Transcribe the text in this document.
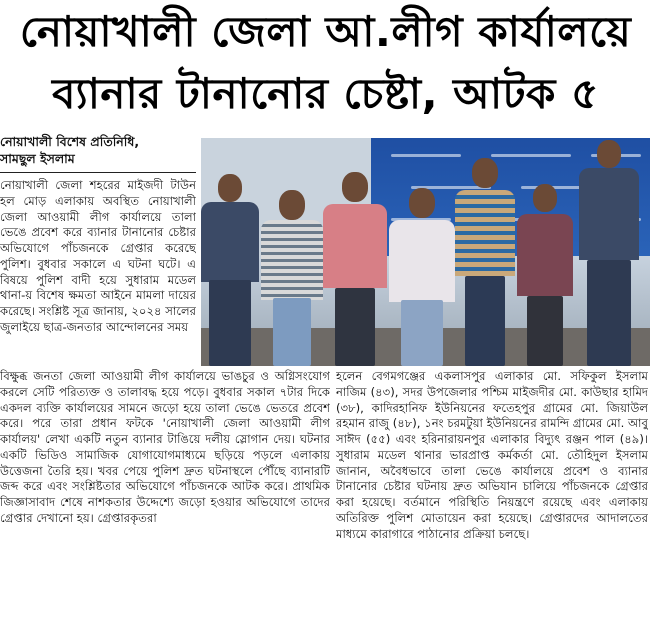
নোয়াখালী জেলা আ.লীগ কার্যালয়ে
ব্যানার টানানোর চেষ্টা, আটক ৫
নোয়াখালী বিশেষ প্রতিনিধি,
সামছুল ইসলাম

নোয়াখালী জেলা শহরের মাইজদী টাউন হল মোড় এলাকায় অবস্থিত নোয়াখালী জেলা আওয়ামী লীগ কার্যালয়ে তালা ভেঙে প্রবেশ করে ব্যানার টানানোর চেষ্টার অভিযোগে পাঁচজনকে গ্রেপ্তার করেছে পুলিশ। বুধবার সকালে এ ঘটনা ঘটে। এ বিষয়ে পুলিশ বাদী হয়ে সুধারাম মডেল থানা-য় বিশেষ ক্ষমতা আইনে মামলা দায়ের করেছে। সংশ্লিষ্ট সূত্র জানায়, ২০২৪ সালের জুলাইয়ে ছাত্র-জনতার আন্দোলনের সময়

বিক্ষুব্ধ জনতা জেলা আওয়ামী লীগ কার্যালয়ে ভাঙচুর ও অগ্নিসংযোগ করলে সেটি পরিত্যক্ত ও তালাবদ্ধ হয়ে পড়ে। বুধবার সকাল ৭টার দিকে একদল ব্যক্তি কার্যালয়ের সামনে জড়ো হয়ে তালা ভেঙে ভেতরে প্রবেশ করে। পরে তারা প্রধান ফটকে 'নোয়াখালী জেলা আওয়ামী লীগ কার্যালয়' লেখা একটি নতুন ব্যানার টাঙিয়ে দলীয় স্লোগান দেয়। ঘটনার একটি ভিডিও সামাজিক যোগাযোগমাধ্যমে ছড়িয়ে পড়লে এলাকায় উত্তেজনা তৈরি হয়। খবর পেয়ে পুলিশ দ্রুত ঘটনাস্থলে পৌঁছে ব্যানারটি জব্দ করে এবং সংশ্লিষ্টতার অভিযোগে পাঁচজনকে আটক করে। প্রাথমিক জিজ্ঞাসাবাদ শেষে নাশকতার উদ্দেশ্যে জড়ো হওয়ার অভিযোগে তাদের গ্রেপ্তার দেখানো হয়। গ্রেপ্তারকৃতরা

হলেন বেগমগঞ্জের একলাসপুর এলাকার মো. সফিকুল ইসলাম নাজিম (৪৩), সদর উপজেলার পশ্চিম মাইজদীর মো. কাউছার হামিদ (৩৮), কাদিরহানিফ ইউনিয়নের ফতেহপুর গ্রামের মো. জিয়াউল রহমান রাজু (৪৮), ১নং চরমটুয়া ইউনিয়নের রামন্দি গ্রামের মো. আবু সাঈদ (৫৫) এবং হরিনারায়নপুর এলাকার বিদ্যুৎ রঞ্জন পাল (৪৯)। সুধারাম মডেল থানার ভারপ্রাপ্ত কর্মকর্তা মো. তৌহিদুল ইসলাম জানান, অবৈধভাবে তালা ভেঙে কার্যালয়ে প্রবেশ ও ব্যানার টানানোর চেষ্টার ঘটনায় দ্রুত অভিযান চালিয়ে পাঁচজনকে গ্রেপ্তার করা হয়েছে। বর্তমানে পরিস্থিতি নিয়ন্ত্রণে রয়েছে এবং এলাকায় অতিরিক্ত পুলিশ মোতায়েন করা হয়েছে। গ্রেপ্তারদের আদালতের মাধ্যমে কারাগারে পাঠানোর প্রক্রিয়া চলছে।
